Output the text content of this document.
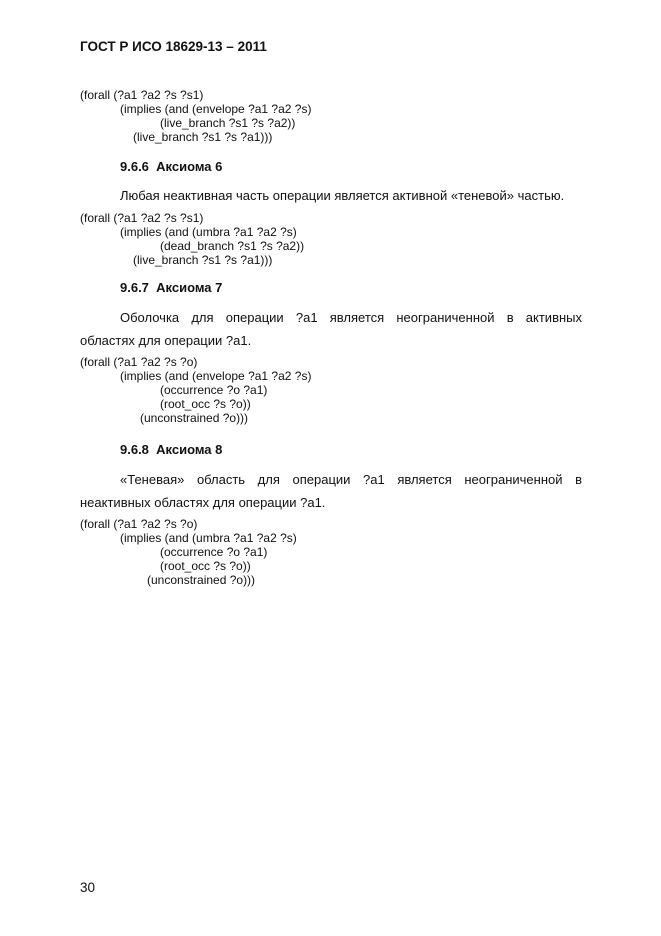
ГОСТ Р ИСО 18629-13 – 2011
(forall (?a1 ?a2 ?s ?s1)
(implies (and (envelope ?a1 ?a2 ?s)
(live_branch ?s1 ?s ?a2))
(live_branch ?s1 ?s ?a1)))
9.6.6  Аксиома 6
Любая неактивная часть операции является активной «теневой» частью.
(forall (?a1 ?a2 ?s ?s1)
(implies (and (umbra ?a1 ?a2 ?s)
(dead_branch ?s1 ?s ?a2))
(live_branch ?s1 ?s ?a1)))
9.6.7  Аксиома 7
Оболочка для операции ?a1 является неограниченной в активных
областях для операции ?a1.
(forall (?a1 ?a2 ?s ?o)
(implies (and (envelope ?a1 ?a2 ?s)
(occurrence ?o ?a1)
(root_occ ?s ?o))
(unconstrained ?o)))
9.6.8  Аксиома 8
«Теневая» область для операции ?a1 является неограниченной в
неактивных областях для операции ?a1.
(forall (?a1 ?a2 ?s ?o)
(implies (and (umbra ?a1 ?a2 ?s)
(occurrence ?o ?a1)
(root_occ ?s ?o))
(unconstrained ?o)))
30
